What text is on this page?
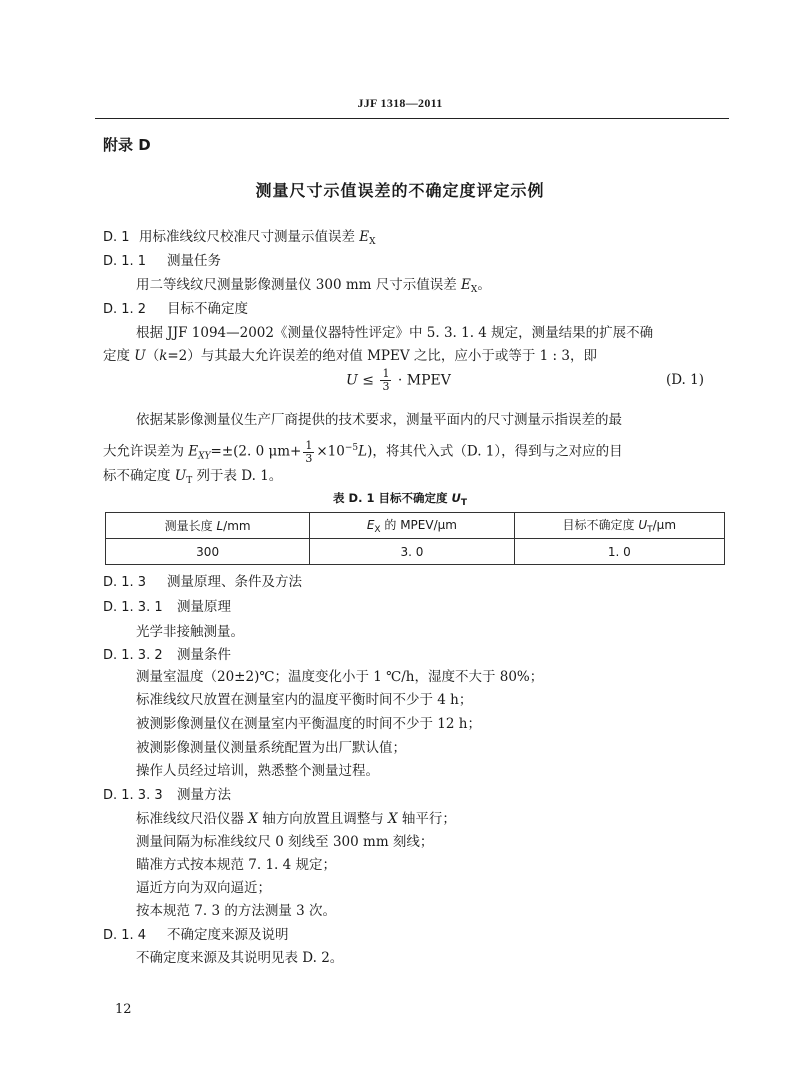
JJF 1318—2011
附录 D
测量尺寸示值误差的不确定度评定示例
D. 1 用标准线纹尺校准尺寸测量示值误差 $E_X$
D. 1. 1 测量任务
用二等线纹尺测量影像测量仪 300 mm 尺寸示值误差 $E_X$。
D. 1. 2 目标不确定度
根据 JJF 1094—2002《测量仪器特性评定》中 5. 3. 1. 4 规定，测量结果的扩展不确
定度 U（k=2）与其最大允许误差的绝对值 MPEV 之比，应小于或等于 1 : 3，即
$U \le \frac{1}{3}$ · MPEV	(D. 1)
依据某影像测量仪生产厂商提供的技术要求，测量平面内的尺寸测量示指误差的最
大允许误差为 $E_{XY}=\pm(2$. 0 $\mu m+ \frac{1}{3} \times 10^{-5}L$)，将其代入式（D. 1），得到与之对应的目
标不确定度 $U_T$ 列于表 D. 1。
表 D. 1 目标不确定度 $U_T$
测量长度 L/mm	$E_X$ 的 MPEV/μm	目标不确定度 $U_T/\mu m$
300	3. 0	1. 0
D. 1. 3 测量原理、条件及方法
D. 1. 3. 1 测量原理
光学非接触测量。
D. 1. 3. 2 测量条件
测量室温度（20±2)℃；温度变化小于 1 ℃/h，湿度不大于 80%；
标准线纹尺放置在测量室内的温度平衡时间不少于 4 h；
被测影像测量仪在测量室内平衡温度的时间不少于 12 h；
被测影像测量仪测量系统配置为出厂默认值；
操作人员经过培训，熟悉整个测量过程。
D. 1. 3. 3 测量方法
标准线纹尺沿仪器 X 轴方向放置且调整与 X 轴平行；
测量间隔为标准线纹尺 0 刻线至 300 mm 刻线；
瞄准方式按本规范 7. 1. 4 规定；
逼近方向为双向逼近；
按本规范 7. 3 的方法测量 3 次。
D. 1. 4 不确定度来源及说明
不确定度来源及其说明见表 D. 2。
12
